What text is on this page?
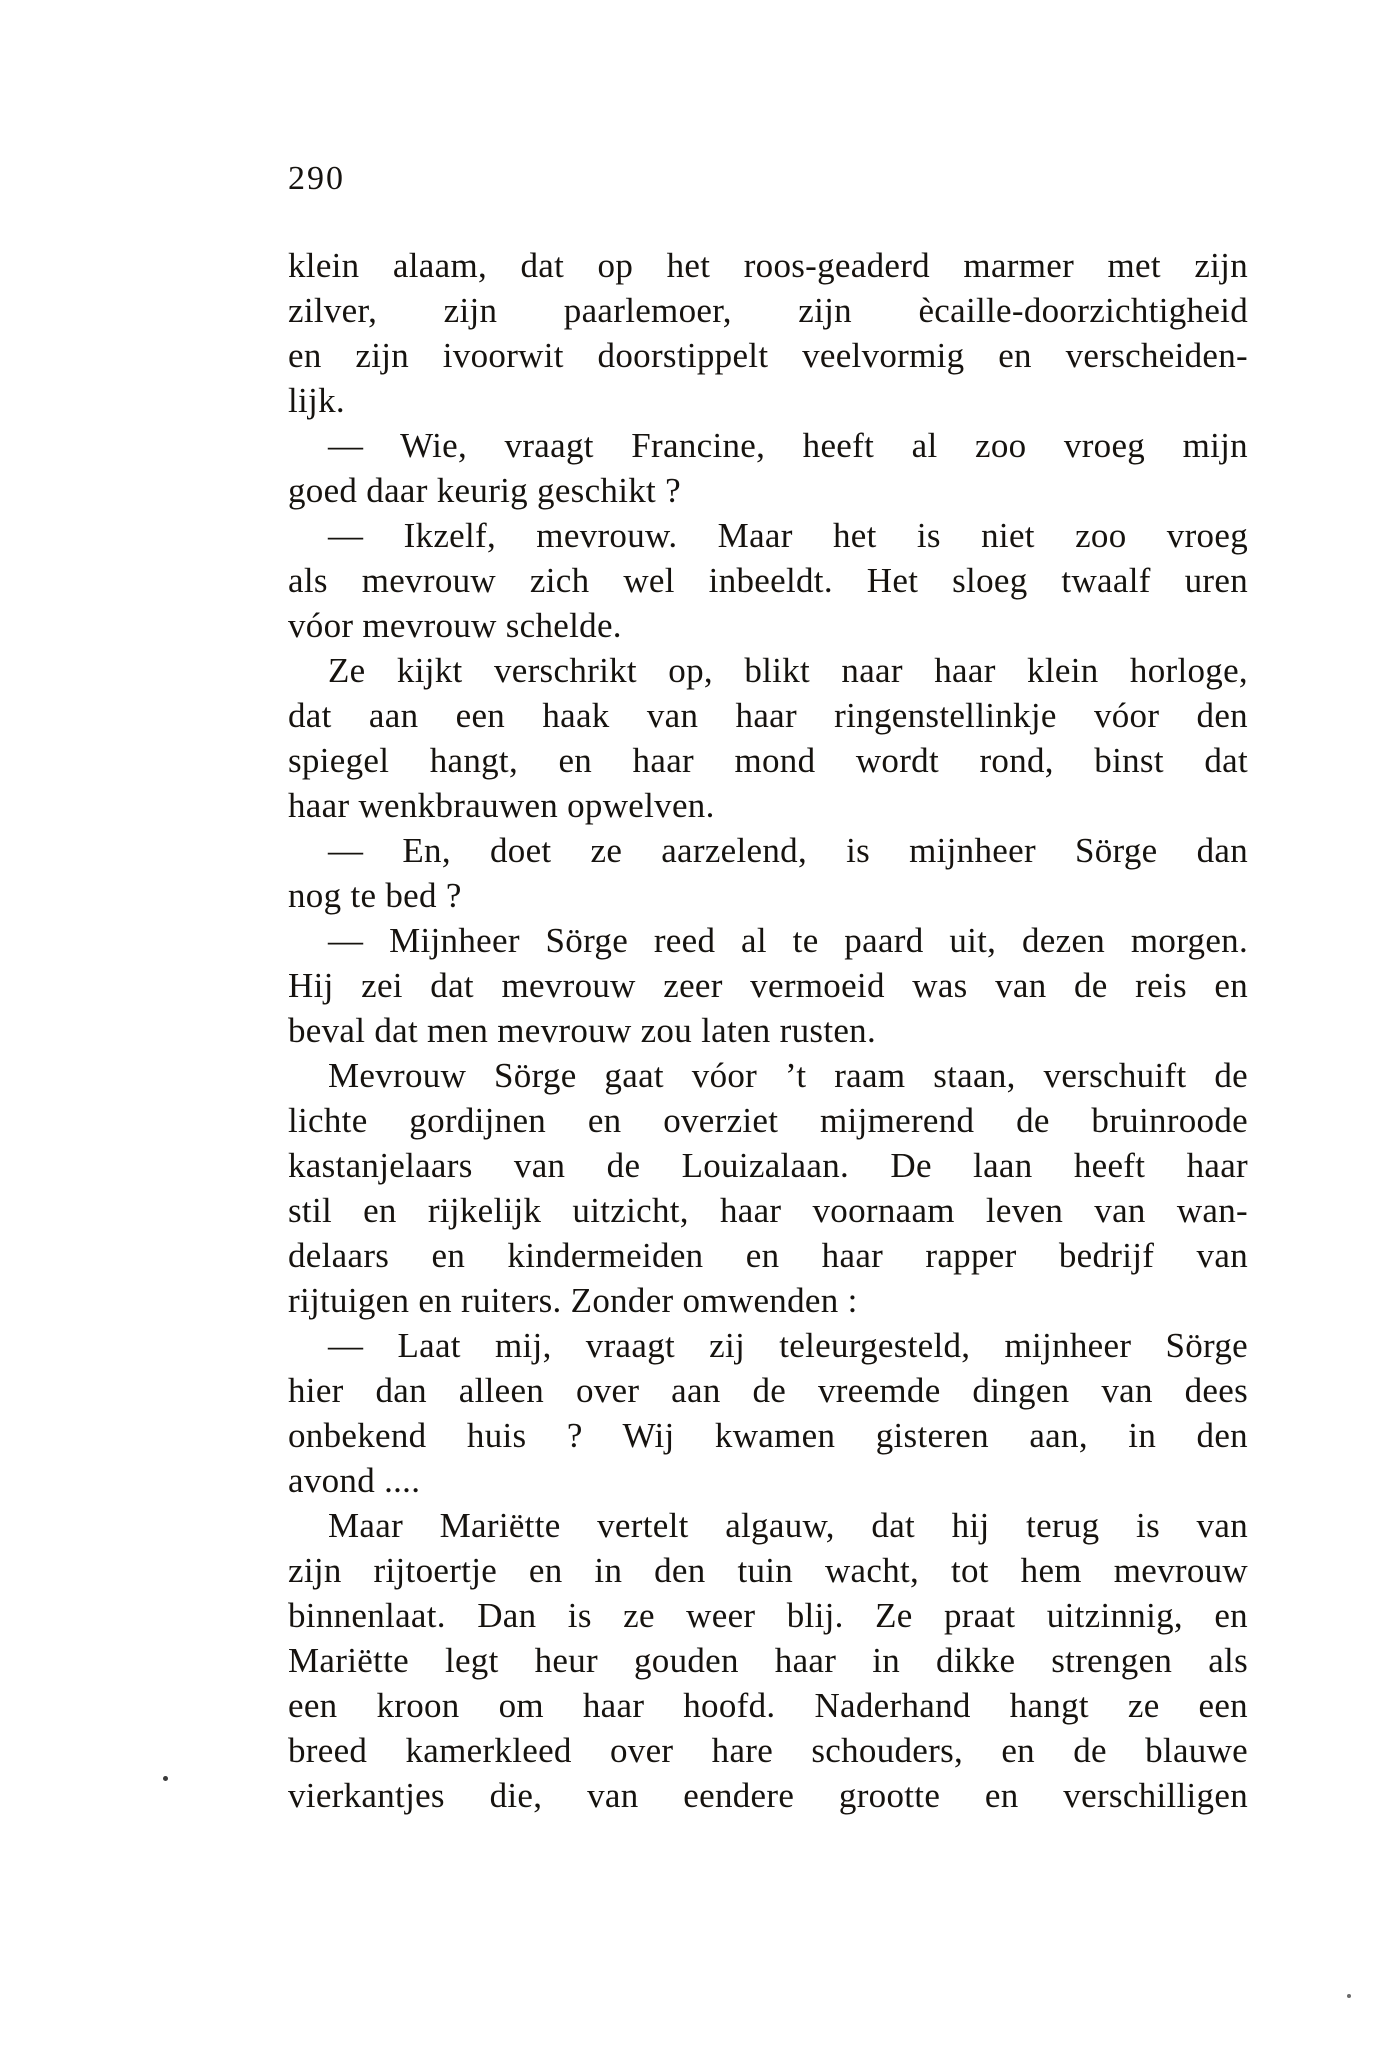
290
klein alaam, dat op het roos-geaderd marmer met zijn
zilver, zijn paarlemoer, zijn ècaille-doorzichtigheid
en zijn ivoorwit doorstippelt veelvormig en verscheiden-
lijk.
— Wie, vraagt Francine, heeft al zoo vroeg mijn
goed daar keurig geschikt ?
— Ikzelf, mevrouw. Maar het is niet zoo vroeg
als mevrouw zich wel inbeeldt. Het sloeg twaalf uren
vóor mevrouw schelde.
Ze kijkt verschrikt op, blikt naar haar klein horloge,
dat aan een haak van haar ringenstellinkje vóor den
spiegel hangt, en haar mond wordt rond, binst dat
haar wenkbrauwen opwelven.
— En, doet ze aarzelend, is mijnheer Sörge dan
nog te bed ?
— Mijnheer Sörge reed al te paard uit, dezen morgen.
Hij zei dat mevrouw zeer vermoeid was van de reis en
beval dat men mevrouw zou laten rusten.
Mevrouw Sörge gaat vóor ’t raam staan, verschuift de
lichte gordijnen en overziet mijmerend de bruinroode
kastanjelaars van de Louizalaan. De laan heeft haar
stil en rijkelijk uitzicht, haar voornaam leven van wan-
delaars en kindermeiden en haar rapper bedrijf van
rijtuigen en ruiters. Zonder omwenden :
— Laat mij, vraagt zij teleurgesteld, mijnheer Sörge
hier dan alleen over aan de vreemde dingen van dees
onbekend huis ? Wij kwamen gisteren aan, in den
avond ....
Maar Mariëtte vertelt algauw, dat hij terug is van
zijn rijtoertje en in den tuin wacht, tot hem mevrouw
binnenlaat. Dan is ze weer blij. Ze praat uitzinnig, en
Mariëtte legt heur gouden haar in dikke strengen als
een kroon om haar hoofd. Naderhand hangt ze een
breed kamerkleed over hare schouders, en de blauwe
vierkantjes die, van eendere grootte en verschilligen
